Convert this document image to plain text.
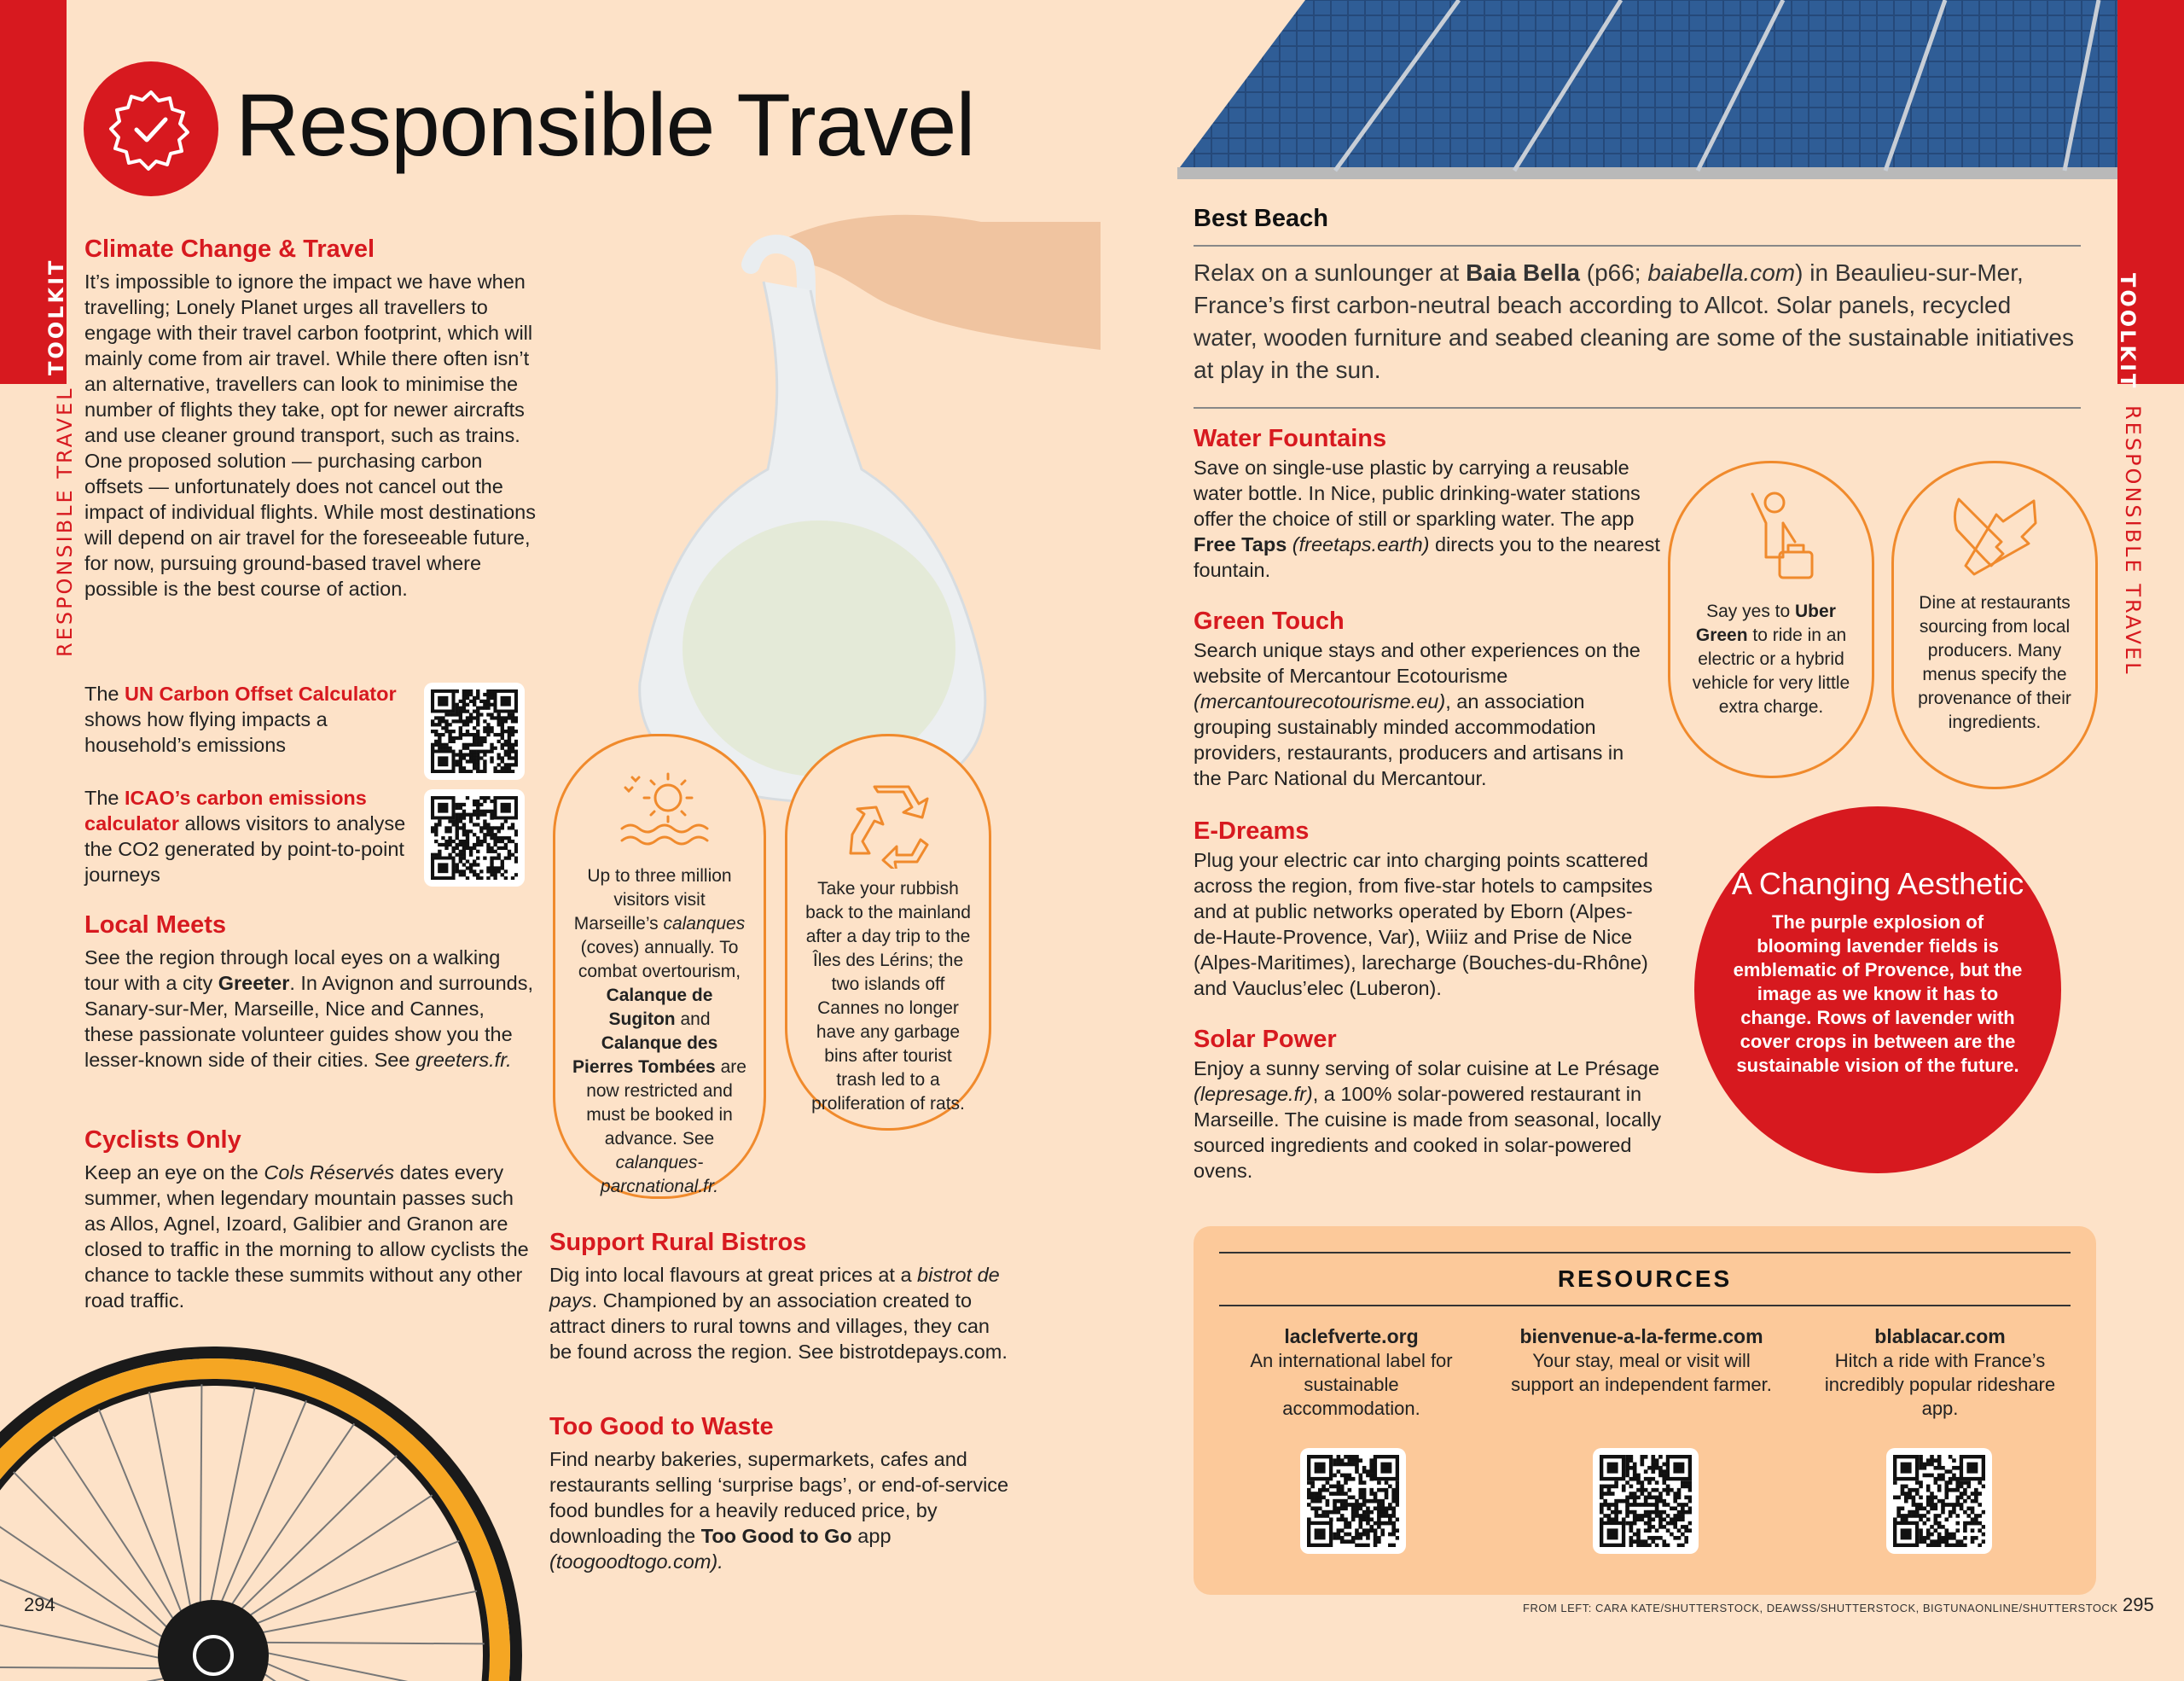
TOOLKIT
RESPONSIBLE TRAVEL
TOOLKIT
RESPONSIBLE TRAVEL
Responsible Travel
Climate Change & Travel

It’s impossible to ignore the impact we have when travelling; Lonely Planet urges all travellers to engage with their travel carbon footprint, which will mainly come from air travel. While there often isn’t an alternative, travellers can look to minimise the number of flights they take, opt for newer aircrafts and use cleaner ground transport, such as trains. One proposed solution — purchasing carbon offsets — unfortunately does not cancel out the impact of individual flights. While most destinations will depend on air travel for the foreseeable future, for now, pursuing ground-based travel where possible is the best course of action.

The UN Carbon Offset Calculator shows how flying impacts a household’s emissions

The ICAO’s carbon emissions calculator allows visitors to analyse the CO2 generated by point-to-point journeys

Local Meets

See the region through local eyes on a walking tour with a city Greeter. In Avignon and surrounds, Sanary-sur-Mer, Marseille, Nice and Cannes, these passionate volunteer guides show you the lesser-known side of their cities. See greeters.fr.

Cyclists Only

Keep an eye on the Cols Réservés dates every summer, when legendary mountain passes such as Allos, Agnel, Izoard, Galibier and Granon are closed to traffic in the morning to allow cyclists the chance to tackle these summits without any other road traffic.

294
Up to three million visitors visit Marseille’s calanques (coves) annually. To combat overtourism, Calanque de Sugiton and Calanque des Pierres Tombées are now restricted and must be booked in advance. See calanques-parcnational.fr.
Take your rubbish back to the mainland after a day trip to the Îles des Lérins; the two islands off Cannes no longer have any garbage bins after tourist trash led to a proliferation of rats.
Support Rural Bistros

Dig into local flavours at great prices at a bistrot de pays. Championed by an association created to attract diners to rural towns and villages, they can be found across the region. See bistrotdepays.com.

Too Good to Waste

Find nearby bakeries, supermarkets, cafes and restaurants selling ‘surprise bags’, or end-of-service food bundles for a heavily reduced price, by downloading the Too Good to Go app (toogoodtogo.com).

Best Beach

Relax on a sunlounger at Baia Bella (p66; baiabella.com) in Beaulieu-sur-Mer, France’s first carbon-neutral beach according to Allcot. Solar panels, recycled water, wooden furniture and seabed cleaning are some of the sustainable initiatives at play in the sun.

Water Fountains

Save on single-use plastic by carrying a reusable water bottle. In Nice, public drinking-water stations offer the choice of still or sparkling water. The app Free Taps (freetaps.earth) directs you to the nearest fountain.

Green Touch

Search unique stays and other experiences on the website of Mercantour Ecotourisme (mercantourecotourisme.eu), an association grouping sustainably minded accommodation providers, restaurants, producers and artisans in the Parc National du Mercantour.

E-Dreams

Plug your electric car into charging points scattered across the region, from five-star hotels to campsites and at public networks operated by Eborn (Alpes-de-Haute-Provence, Var), Wiiiz and Prise de Nice (Alpes-Maritimes), larecharge (Bouches-du-Rhône) and Vauclus’elec (Luberon).

Solar Power

Enjoy a sunny serving of solar cuisine at Le Présage (lepresage.fr), a 100% solar-powered restaurant in Marseille. The cuisine is made from seasonal, locally sourced ingredients and cooked in solar-powered ovens.

Say yes to Uber Green to ride in an electric or a hybrid vehicle for very little extra charge.
Dine at restaurants sourcing from local producers. Many menus specify the provenance of their ingredients.
A Changing Aesthetic
The purple explosion of blooming lavender fields is emblematic of Provence, but the image as we know it has to change. Rows of lavender with cover crops in between are the sustainable vision of the future.
RESOURCES
laclefverte.org
An international label for sustainable accommodation.
bienvenue-a-la-ferme.com
Your stay, meal or visit will support an independent farmer.
blablacar.com
Hitch a ride with France’s incredibly popular rideshare app.
FROM LEFT: CARA KATE/SHUTTERSTOCK, DEAWSS/SHUTTERSTOCK, BIGTUNAONLINE/SHUTTERSTOCK 295
